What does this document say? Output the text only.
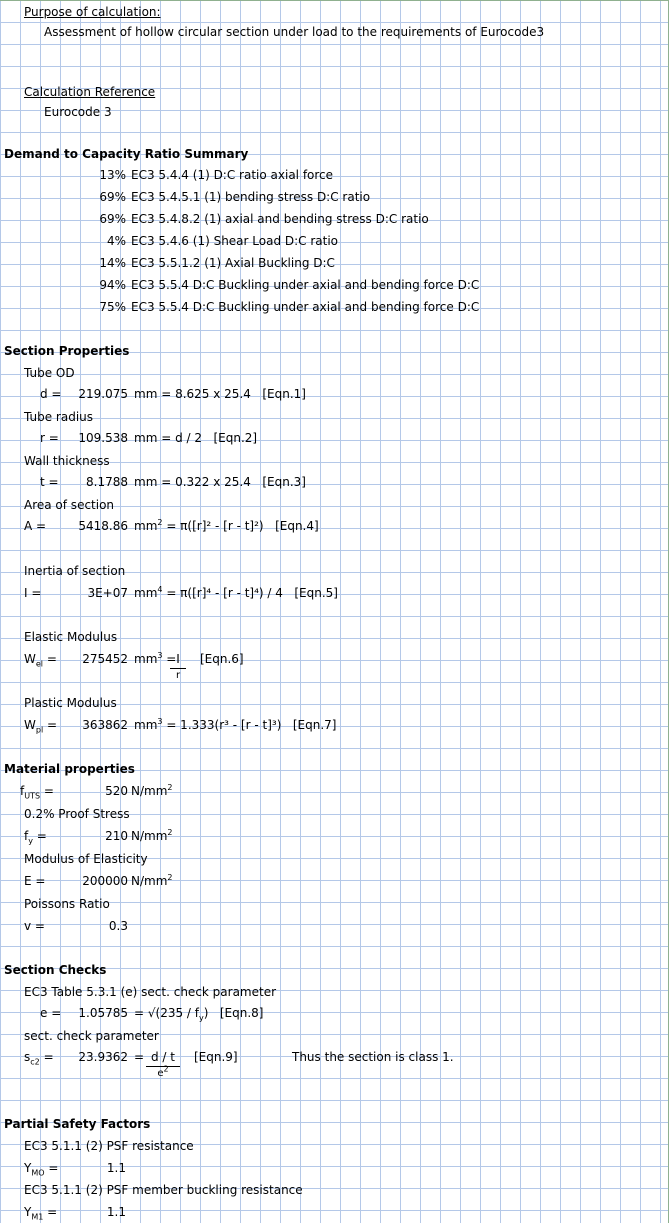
Purpose of calculation:
Assessment of hollow circular section under load to the requirements of Eurocode3
Calculation Reference
Eurocode 3
Demand to Capacity Ratio Summary
13% EC3 5.4.4 (1) D:C ratio axial force
69% EC3 5.4.5.1 (1) bending stress D:C ratio
69% EC3 5.4.8.2 (1) axial and bending stress D:C ratio
4% EC3 5.4.6 (1) Shear Load D:C ratio
14% EC3 5.5.1.2 (1) Axial Buckling D:C
94% EC3 5.5.4 D:C Buckling under axial and bending force D:C
75% EC3 5.5.4 D:C Buckling under axial and bending force D:C
Section Properties
Tube OD
d =	219.075 mm = 8.625 x 25.4 [Eqn.1]
Tube radius
r =	109.538 mm = d / 2 [Eqn.2]
Wall thickness
t =	8.1788 mm = 0.322 x 25.4 [Eqn.3]
Area of section
A =	5418.86 $mm^2 = \pi([r]^2 - [r - t]^2)$ [Eqn.4]
Inertia of section
I =	3E+07 $mm^4 = \pi([r]^4 - [r - t]^4) / 4$ [Eqn.5]
Elastic Modulus
$W_{el}$ =	275452 $mm^3 = I$
r
[Eqn.6]
Plastic Modulus
$W_{pl}$ =	363862 $mm^3 = 1.333(r^3 - [r - t]^3)$ [Eqn.7]
Material properties
$f_{UTS}$ =	520 $N/mm^2$
0.2% Proof Stress
$f_y$ =	210 $N/mm^2$
Modulus of Elasticity
E =	200000 $N/mm^2$
Poissons Ratio
v =	0.3
Section Checks
EC3 Table 5.3.1 (e) sect. check parameter
e =	$1.05785 = √(235 / f_y)$ [Eqn.8]
sect. check parameter
$s_{c2}$ =	23.9362 = d / t
$e^2$
[Eqn.9]	Thus the section is class 1.
Partial Safety Factors
EC3 5.1.1 (2) PSF resistance
$Y_{MO}$ =	1.1
EC3 5.1.1 (2) PSF member buckling resistance
$Y_{M1}$ =	1.1
